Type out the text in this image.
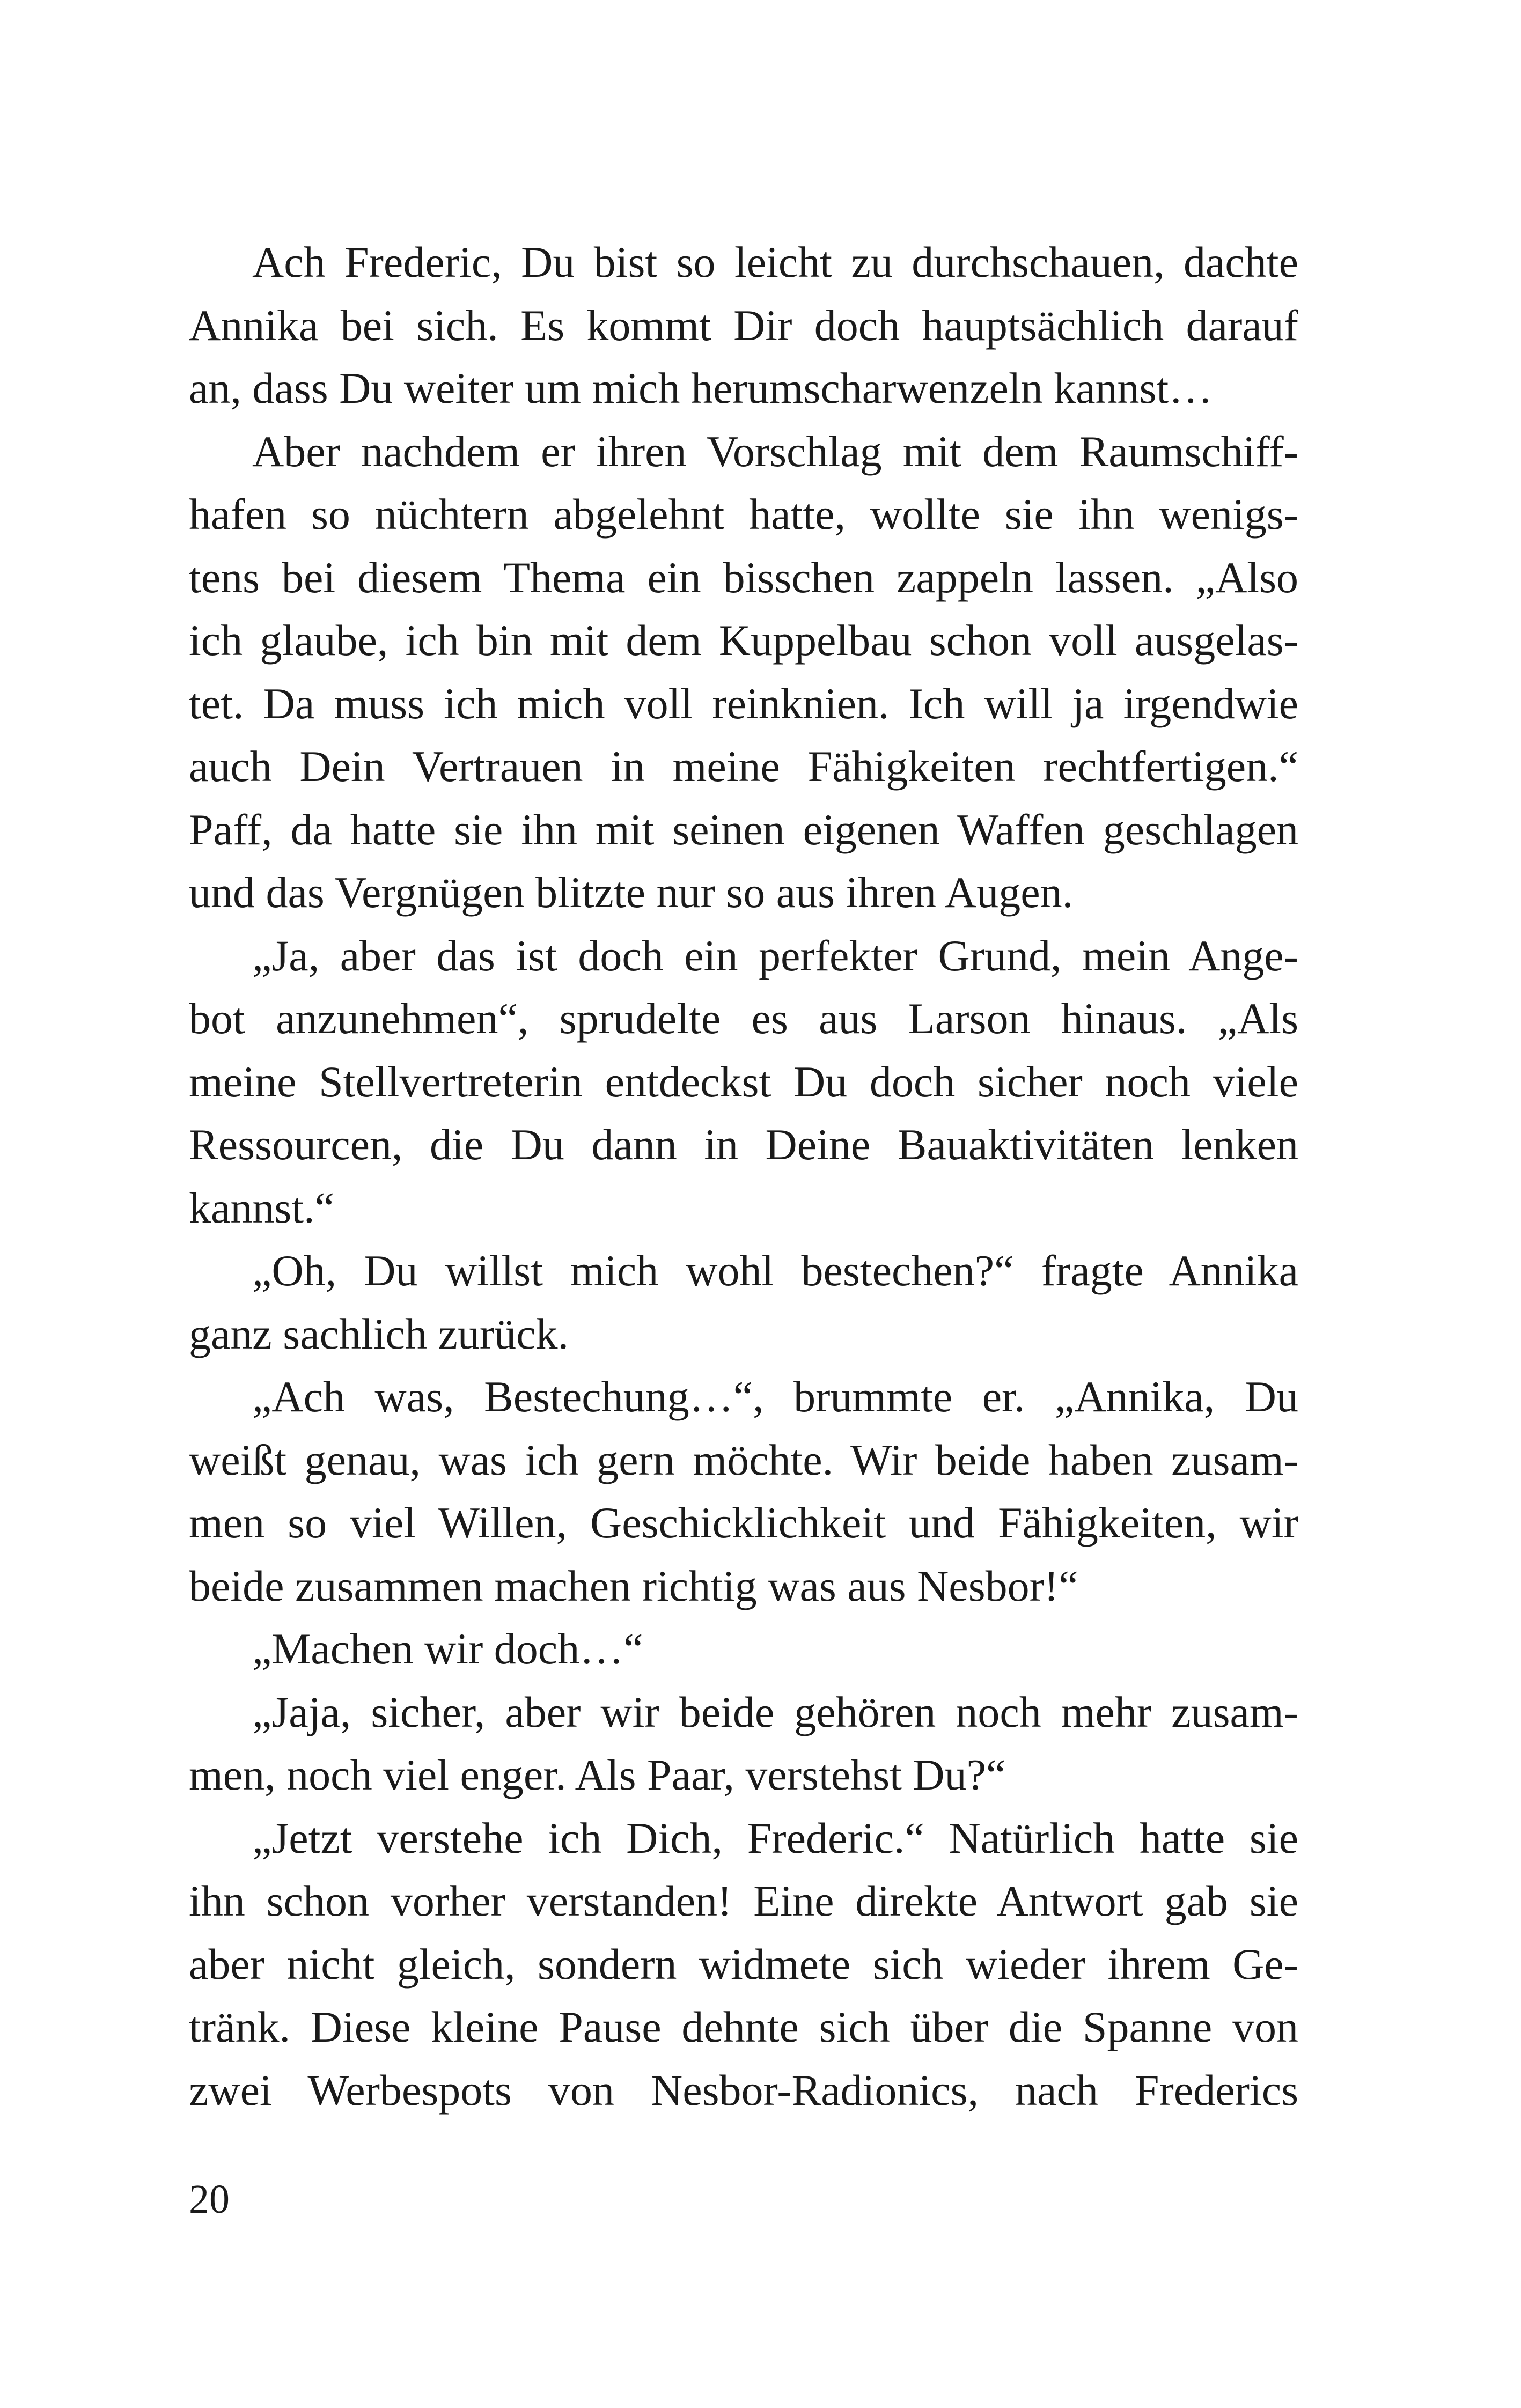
Ach Frederic, Du bist so leicht zu durchschauen, dachte
Annika bei sich. Es kommt Dir doch hauptsächlich darauf
an, dass Du weiter um mich herumscharwenzeln kannst…
Aber nachdem er ihren Vorschlag mit dem Raumschiff-
hafen so nüchtern abgelehnt hatte, wollte sie ihn wenigs-
tens bei diesem Thema ein bisschen zappeln lassen. „Also
ich glaube, ich bin mit dem Kuppelbau schon voll ausgelas-
tet. Da muss ich mich voll reinknien. Ich will ja irgendwie
auch Dein Vertrauen in meine Fähigkeiten rechtfertigen.“
Paff, da hatte sie ihn mit seinen eigenen Waffen geschlagen
und das Vergnügen blitzte nur so aus ihren Augen.
„Ja, aber das ist doch ein perfekter Grund, mein Ange-
bot anzunehmen“, sprudelte es aus Larson hinaus. „Als
meine Stellvertreterin entdeckst Du doch sicher noch viele
Ressourcen, die Du dann in Deine Bauaktivitäten lenken
kannst.“
„Oh, Du willst mich wohl bestechen?“ fragte Annika
ganz sachlich zurück.
„Ach was, Bestechung…“, brummte er. „Annika, Du
weißt genau, was ich gern möchte. Wir beide haben zusam-
men so viel Willen, Geschicklichkeit und Fähigkeiten, wir
beide zusammen machen richtig was aus Nesbor!“
„Machen wir doch…“
„Jaja, sicher, aber wir beide gehören noch mehr zusam-
men, noch viel enger. Als Paar, verstehst Du?“
„Jetzt verstehe ich Dich, Frederic.“ Natürlich hatte sie
ihn schon vorher verstanden! Eine direkte Antwort gab sie
aber nicht gleich, sondern widmete sich wieder ihrem Ge-
tränk. Diese kleine Pause dehnte sich über die Spanne von
zwei Werbespots von Nesbor-Radionics, nach Frederics
20
